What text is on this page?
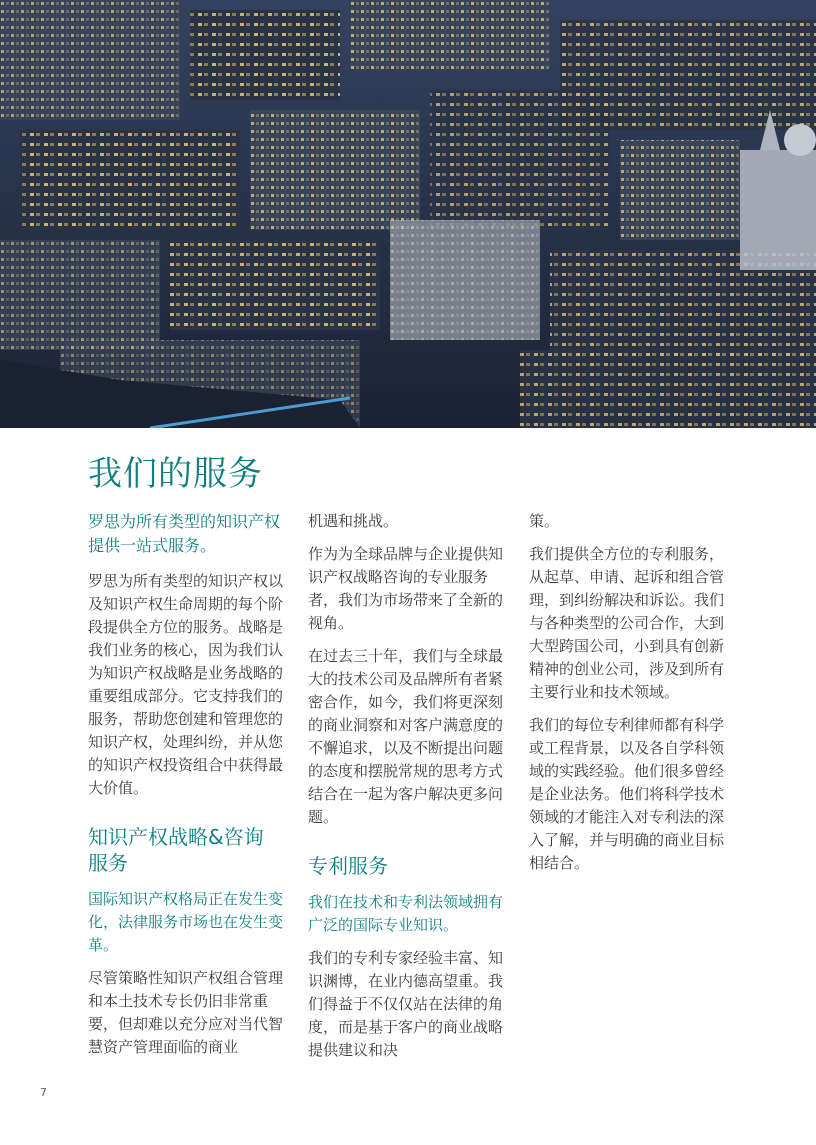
我们的服务

罗思为所有类型的知识产权提供一站式服务。

罗思为所有类型的知识产权以及知识产权生命周期的每个阶段提供全方位的服务。战略是我们业务的核心，因为我们认为知识产权战略是业务战略的重要组成部分。它支持我们的服务，帮助您创建和管理您的知识产权，处理纠纷，并从您的知识产权投资组合中获得最大价值。

知识产权战略&咨询
服务

国际知识产权格局正在发生变化，法律服务市场也在发生变革。

尽管策略性知识产权组合管理和本土技术专长仍旧非常重要，但却难以充分应对当代智慧资产管理面临的商业

机遇和挑战。

作为为全球品牌与企业提供知识产权战略咨询的专业服务者，我们为市场带来了全新的视角。

在过去三十年，我们与全球最大的技术公司及品牌所有者紧密合作，如今，我们将更深刻的商业洞察和对客户满意度的不懈追求，以及不断提出问题的态度和摆脱常规的思考方式结合在一起为客户解决更多问题。

专利服务

我们在技术和专利法领域拥有广泛的国际专业知识。

我们的专利专家经验丰富、知识渊博，在业内德高望重。我们得益于不仅仅站在法律的角度，而是基于客户的商业战略提供建议和决

策。

我们提供全方位的专利服务，从起草、申请、起诉和组合管理，到纠纷解决和诉讼。我们与各种类型的公司合作，大到大型跨国公司，小到具有创新精神的创业公司，涉及到所有主要行业和技术领域。

我们的每位专利律师都有科学或工程背景，以及各自学科领域的实践经验。他们很多曾经是企业法务。他们将科学技术领域的才能注入对专利法的深入了解，并与明确的商业目标相结合。

7
